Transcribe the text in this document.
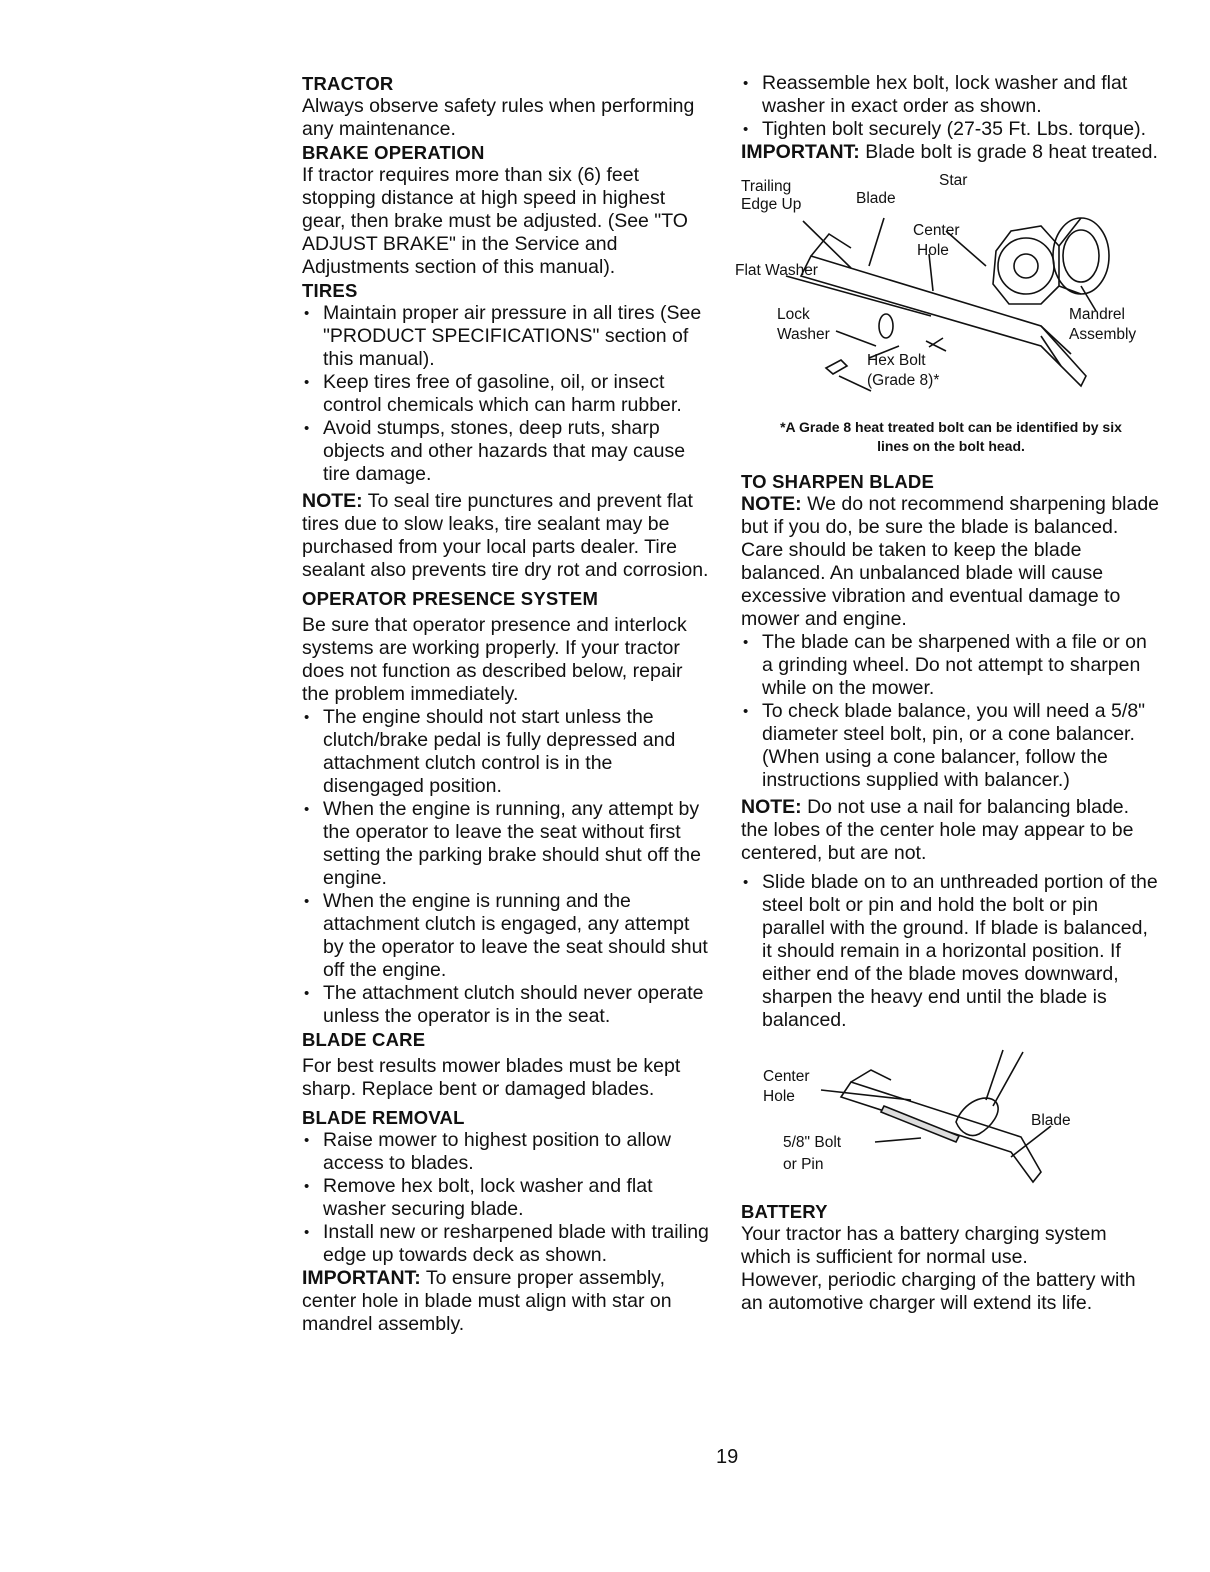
TRACTOR

Always observe safety rules when performing any maintenance.

BRAKE OPERATION

If tractor requires more than six (6) feet stopping distance at high speed in highest gear, then brake must be adjusted. (See "TO ADJUST BRAKE" in the Service and Adjustments section of this manual).

TIRES
• Maintain proper air pressure in all tires (See "PRODUCT SPECIFICATIONS" section of this manual).
• Keep tires free of gasoline, oil, or insect control chemicals which can harm rubber.
• Avoid stumps, stones, deep ruts, sharp objects and other hazards that may cause tire damage.

NOTE: To seal tire punctures and prevent flat tires due to slow leaks, tire sealant may be purchased from your local parts dealer. Tire sealant also prevents tire dry rot and corrosion.

OPERATOR PRESENCE SYSTEM

Be sure that operator presence and interlock systems are working properly. If your tractor does not function as described below, repair the problem immediately.

• The engine should not start unless the clutch/brake pedal is fully depressed and attachment clutch control is in the disengaged position.
• When the engine is running, any attempt by the operator to leave the seat without first setting the parking brake should shut off the engine.
• When the engine is running and the attachment clutch is engaged, any attempt by the operator to leave the seat should shut off the engine.
• The attachment clutch should never operate unless the operator is in the seat.
BLADE CARE

For best results mower blades must be kept sharp. Replace bent or damaged blades.

BLADE REMOVAL
• Raise mower to highest position to allow access to blades.
• Remove hex bolt, lock washer and flat washer securing blade.
• Install new or resharpened blade with trailing edge up towards deck as shown.

IMPORTANT: To ensure proper assembly, center hole in blade must align with star on mandrel assembly.

• Reassemble hex bolt, lock washer and flat washer in exact order as shown.
• Tighten bolt securely (27-35 Ft. Lbs. torque).

IMPORTANT: Blade bolt is grade 8 heat treated.

Trailing
Edge Up	Blade
Star
Center
Hole
Flat Washer
Lock
Washer
Hex Bolt
(Grade 8)*
Mandrel
Assembly
*A Grade 8 heat treated bolt can be identified by six
lines on the bolt head.
TO SHARPEN BLADE

NOTE: We do not recommend sharpening blade but if you do, be sure the blade is balanced.

Care should be taken to keep the blade balanced. An unbalanced blade will cause excessive vibration and eventual damage to mower and engine.

• The blade can be sharpened with a file or on a grinding wheel. Do not attempt to sharpen while on the mower.
• To check blade balance, you will need a 5/8" diameter steel bolt, pin, or a cone balancer. (When using a cone balancer, follow the instructions supplied with balancer.)

NOTE: Do not use a nail for balancing blade. the lobes of the center hole may appear to be centered, but are not.

• Slide blade on to an unthreaded portion of the steel bolt or pin and hold the bolt or pin parallel with the ground. If blade is balanced, it should remain in a horizontal position. If either end of the blade moves downward, sharpen the heavy end until the blade is balanced.
Center
Hole
Blade
5/8" Bolt
or Pin
BATTERY

Your tractor has a battery charging system which is sufficient for normal use.

However, periodic charging of the battery with an automotive charger will extend its life.

19
